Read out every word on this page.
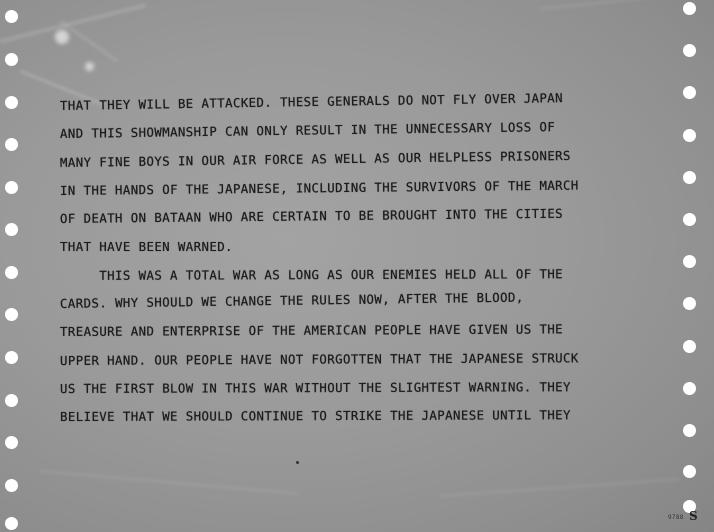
THAT THEY WILL BE ATTACKED. THESE GENERALS DO NOT FLY OVER JAPAN
AND THIS SHOWMANSHIP CAN ONLY RESULT IN THE UNNECESSARY LOSS OF
MANY FINE BOYS IN OUR AIR FORCE AS WELL AS OUR HELPLESS PRISONERS
IN THE HANDS OF THE JAPANESE, INCLUDING THE SURVIVORS OF THE MARCH
OF DEATH ON BATAAN WHO ARE CERTAIN TO BE BROUGHT INTO THE CITIES
THAT HAVE BEEN WARNED.
THIS WAS A TOTAL WAR AS LONG AS OUR ENEMIES HELD ALL OF THE
CARDS. WHY SHOULD WE CHANGE THE RULES NOW, AFTER THE BLOOD,
TREASURE AND ENTERPRISE OF THE AMERICAN PEOPLE HAVE GIVEN US THE
UPPER HAND. OUR PEOPLE HAVE NOT FORGOTTEN THAT THE JAPANESE STRUCK
US THE FIRST BLOW IN THIS WAR WITHOUT THE SLIGHTEST WARNING. THEY
BELIEVE THAT WE SHOULD CONTINUE TO STRIKE THE JAPANESE UNTIL THEY
9788 S
